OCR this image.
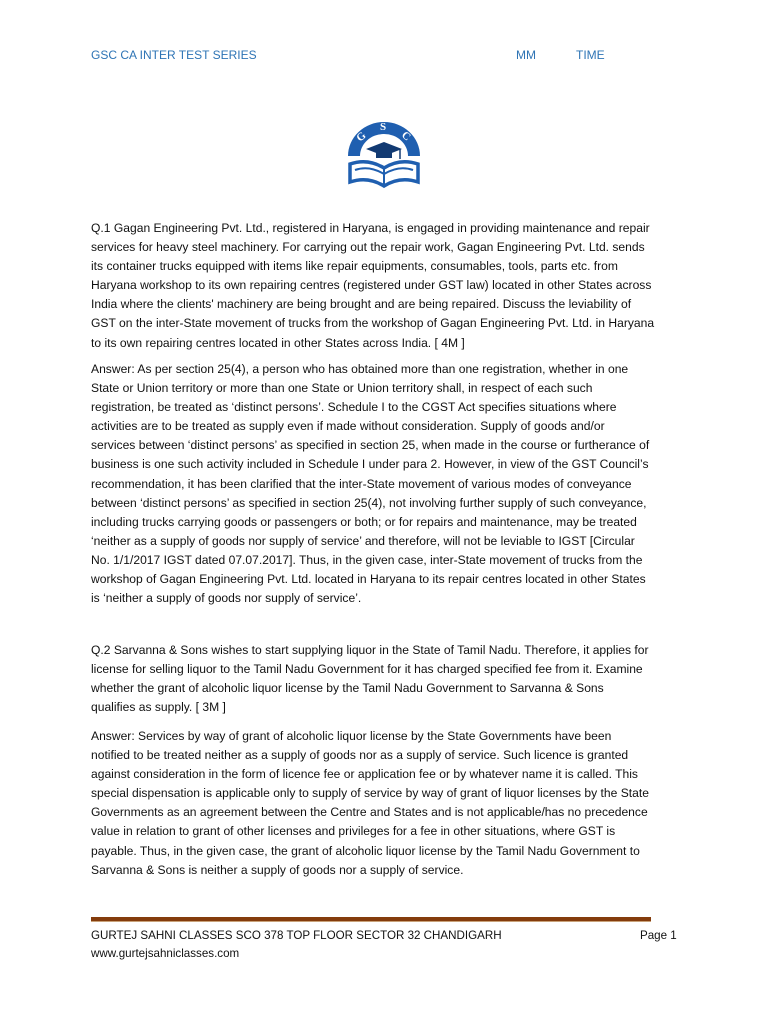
GSC CA INTER TEST SERIES	MM	TIME
G
S
C
Q.1 Gagan Engineering Pvt. Ltd., registered in Haryana, is engaged in providing maintenance and repair
services for heavy steel machinery. For carrying out the repair work, Gagan Engineering Pvt. Ltd. sends
its container trucks equipped with items like repair equipments, consumables, tools, parts etc. from
Haryana workshop to its own repairing centres (registered under GST law) located in other States across
India where the clients' machinery are being brought and are being repaired. Discuss the leviability of
GST on the inter-State movement of trucks from the workshop of Gagan Engineering Pvt. Ltd. in Haryana
to its own repairing centres located in other States across India. [ 4M ]
Answer: As per section 25(4), a person who has obtained more than one registration, whether in one
State or Union territory or more than one State or Union territory shall, in respect of each such
registration, be treated as ‘distinct persons’. Schedule I to the CGST Act specifies situations where
activities are to be treated as supply even if made without consideration. Supply of goods and/or
services between ‘distinct persons’ as specified in section 25, when made in the course or furtherance of
business is one such activity included in Schedule I under para 2. However, in view of the GST Council’s
recommendation, it has been clarified that the inter-State movement of various modes of conveyance
between ‘distinct persons’ as specified in section 25(4), not involving further supply of such conveyance,
including trucks carrying goods or passengers or both; or for repairs and maintenance, may be treated
‘neither as a supply of goods nor supply of service’ and therefore, will not be leviable to IGST [Circular
No. 1/1/2017 IGST dated 07.07.2017]. Thus, in the given case, inter-State movement of trucks from the
workshop of Gagan Engineering Pvt. Ltd. located in Haryana to its repair centres located in other States
is ‘neither a supply of goods nor supply of service’.
Q.2 Sarvanna & Sons wishes to start supplying liquor in the State of Tamil Nadu. Therefore, it applies for
license for selling liquor to the Tamil Nadu Government for it has charged specified fee from it. Examine
whether the grant of alcoholic liquor license by the Tamil Nadu Government to Sarvanna & Sons
qualifies as supply. [ 3M ]
Answer: Services by way of grant of alcoholic liquor license by the State Governments have been
notified to be treated neither as a supply of goods nor as a supply of service. Such licence is granted
against consideration in the form of licence fee or application fee or by whatever name it is called. This
special dispensation is applicable only to supply of service by way of grant of liquor licenses by the State
Governments as an agreement between the Centre and States and is not applicable/has no precedence
value in relation to grant of other licenses and privileges for a fee in other situations, where GST is
payable. Thus, in the given case, the grant of alcoholic liquor license by the Tamil Nadu Government to
Sarvanna & Sons is neither a supply of goods nor a supply of service.
GURTEJ SAHNI CLASSES SCO 378 TOP FLOOR SECTOR 32 CHANDIGARH
www.gurtejsahniclasses.com
Page 1
